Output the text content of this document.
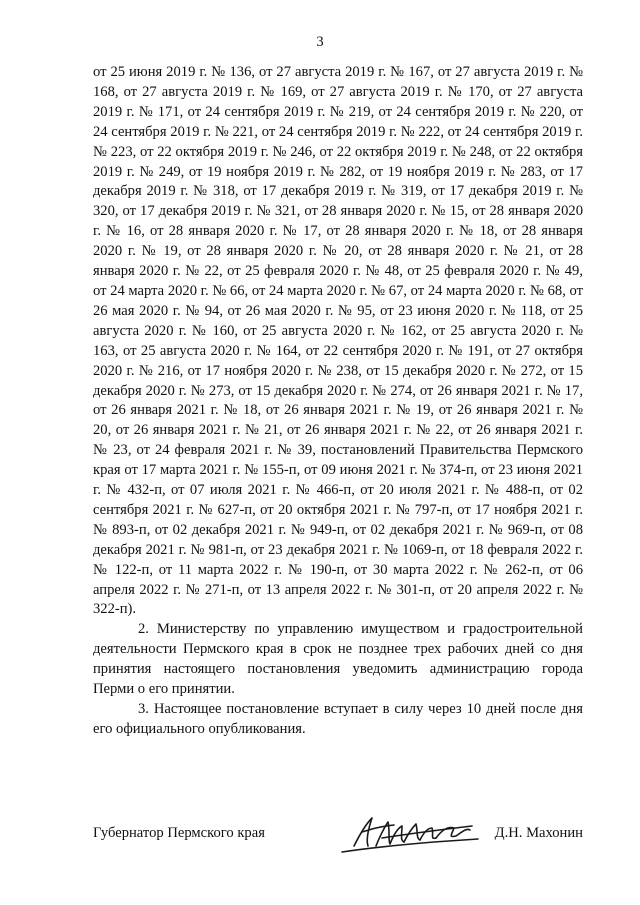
3

от 25 июня 2019 г. № 136, от 27 августа 2019 г. № 167, от 27 августа 2019 г. № 168, от 27 августа 2019 г. № 169, от 27 августа 2019 г. № 170, от 27 августа 2019 г. № 171, от 24 сентября 2019 г. № 219, от 24 сентября 2019 г. № 220, от 24 сентября 2019 г. № 221, от 24 сентября 2019 г. № 222, от 24 сентября 2019 г. № 223, от 22 октября 2019 г. № 246, от 22 октября 2019 г. № 248, от 22 октября 2019 г. № 249, от 19 ноября 2019 г. № 282, от 19 ноября 2019 г. № 283, от 17 декабря 2019 г. № 318, от 17 декабря 2019 г. № 319, от 17 декабря 2019 г. № 320, от 17 декабря 2019 г. № 321, от 28 января 2020 г. № 15, от 28 января 2020 г. № 16, от 28 января 2020 г. № 17, от 28 января 2020 г. № 18, от 28 января 2020 г. № 19, от 28 января 2020 г. № 20, от 28 января 2020 г. № 21, от 28 января 2020 г. № 22, от 25 февраля 2020 г. № 48, от 25 февраля 2020 г. № 49, от 24 марта 2020 г. № 66, от 24 марта 2020 г. № 67, от 24 марта 2020 г. № 68, от 26 мая 2020 г. № 94, от 26 мая 2020 г. № 95, от 23 июня 2020 г. № 118, от 25 августа 2020 г. № 160, от 25 августа 2020 г. № 162, от 25 августа 2020 г. № 163, от 25 августа 2020 г. № 164, от 22 сентября 2020 г. № 191, от 27 октября 2020 г. № 216, от 17 ноября 2020 г. № 238, от 15 декабря 2020 г. № 272, от 15 декабря 2020 г. № 273, от 15 декабря 2020 г. № 274, от 26 января 2021 г. № 17, от 26 января 2021 г. № 18, от 26 января 2021 г. № 19, от 26 января 2021 г. № 20, от 26 января 2021 г. № 21, от 26 января 2021 г. № 22, от 26 января 2021 г. № 23, от 24 февраля 2021 г. № 39, постановлений Правительства Пермского края от 17 марта 2021 г. № 155-п, от 09 июня 2021 г. № 374-п, от 23 июня 2021 г. № 432-п, от 07 июля 2021 г. № 466-п, от 20 июля 2021 г. № 488-п, от 02 сентября 2021 г. № 627-п, от 20 октября 2021 г. № 797-п, от 17 ноября 2021 г. № 893-п, от 02 декабря 2021 г. № 949-п, от 02 декабря 2021 г. № 969-п, от 08 декабря 2021 г. № 981-п, от 23 декабря 2021 г. № 1069-п, от 18 февраля 2022 г. № 122-п, от 11 марта 2022 г. № 190-п, от 30 марта 2022 г. № 262-п, от 06 апреля 2022 г. № 271-п, от 13 апреля 2022 г. № 301-п, от 20 апреля 2022 г. № 322-п).

2. Министерству по управлению имуществом и градостроительной деятельности Пермского края в срок не позднее трех рабочих дней со дня принятия настоящего постановления уведомить администрацию города Перми о его принятии.

3. Настоящее постановление вступает в силу через 10 дней после дня его официального опубликования.

Губернатор Пермского края	Д.Н. Махонин
